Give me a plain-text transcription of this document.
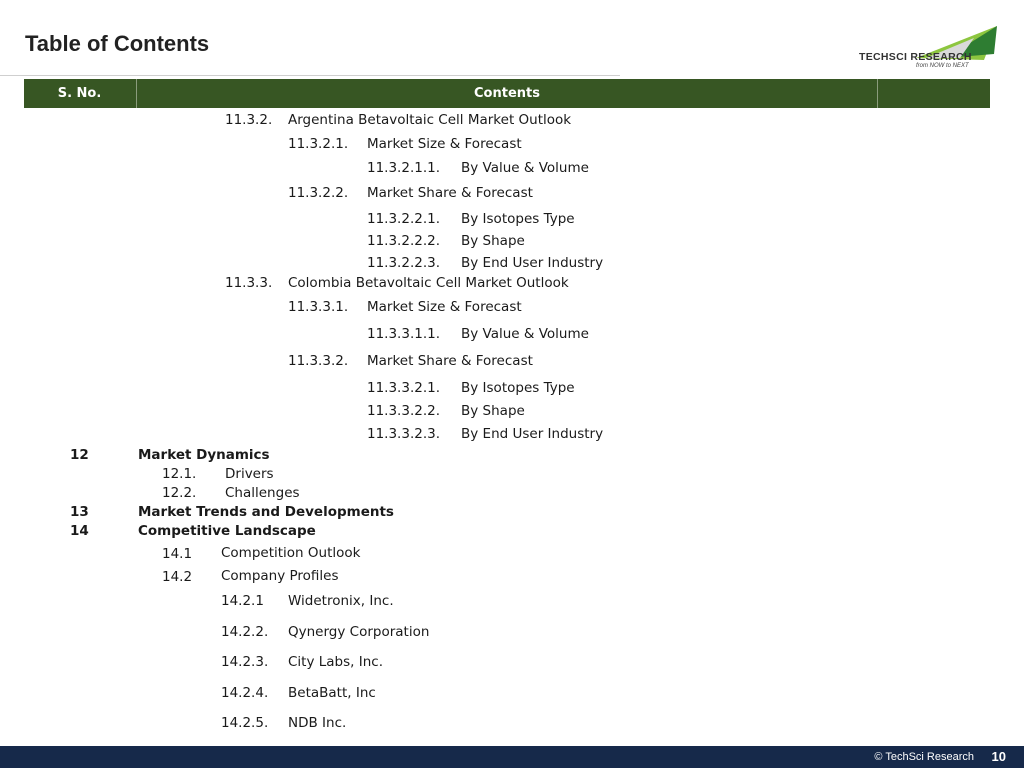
Table of Contents
TECHSCI RESEARCH
from NOW to NEXT
S. No.	Contents
11.3.2. Argentina Betavoltaic Cell Market Outlook
11.3.2.1. Market Size & Forecast
11.3.2.1.1. By Value & Volume
11.3.2.2. Market Share & Forecast
11.3.2.2.1. By Isotopes Type
11.3.2.2.2. By Shape
11.3.2.2.3. By End User Industry
11.3.3. Colombia Betavoltaic Cell Market Outlook
11.3.3.1. Market Size & Forecast
11.3.3.1.1. By Value & Volume
11.3.3.2. Market Share & Forecast
11.3.3.2.1. By Isotopes Type
11.3.3.2.2. By Shape
11.3.3.2.3. By End User Industry
12	Market Dynamics
12.1. Drivers
12.2. Challenges
13	Market Trends and Developments
14	Competitive Landscape
14.1 Competition Outlook
14.2 Company Profiles
14.2.1 Widetronix, Inc.
14.2.2. Qynergy Corporation
14.2.3. City Labs, Inc.
14.2.4. BetaBatt, Inc
14.2.5. NDB Inc.
© TechSci Research 10
